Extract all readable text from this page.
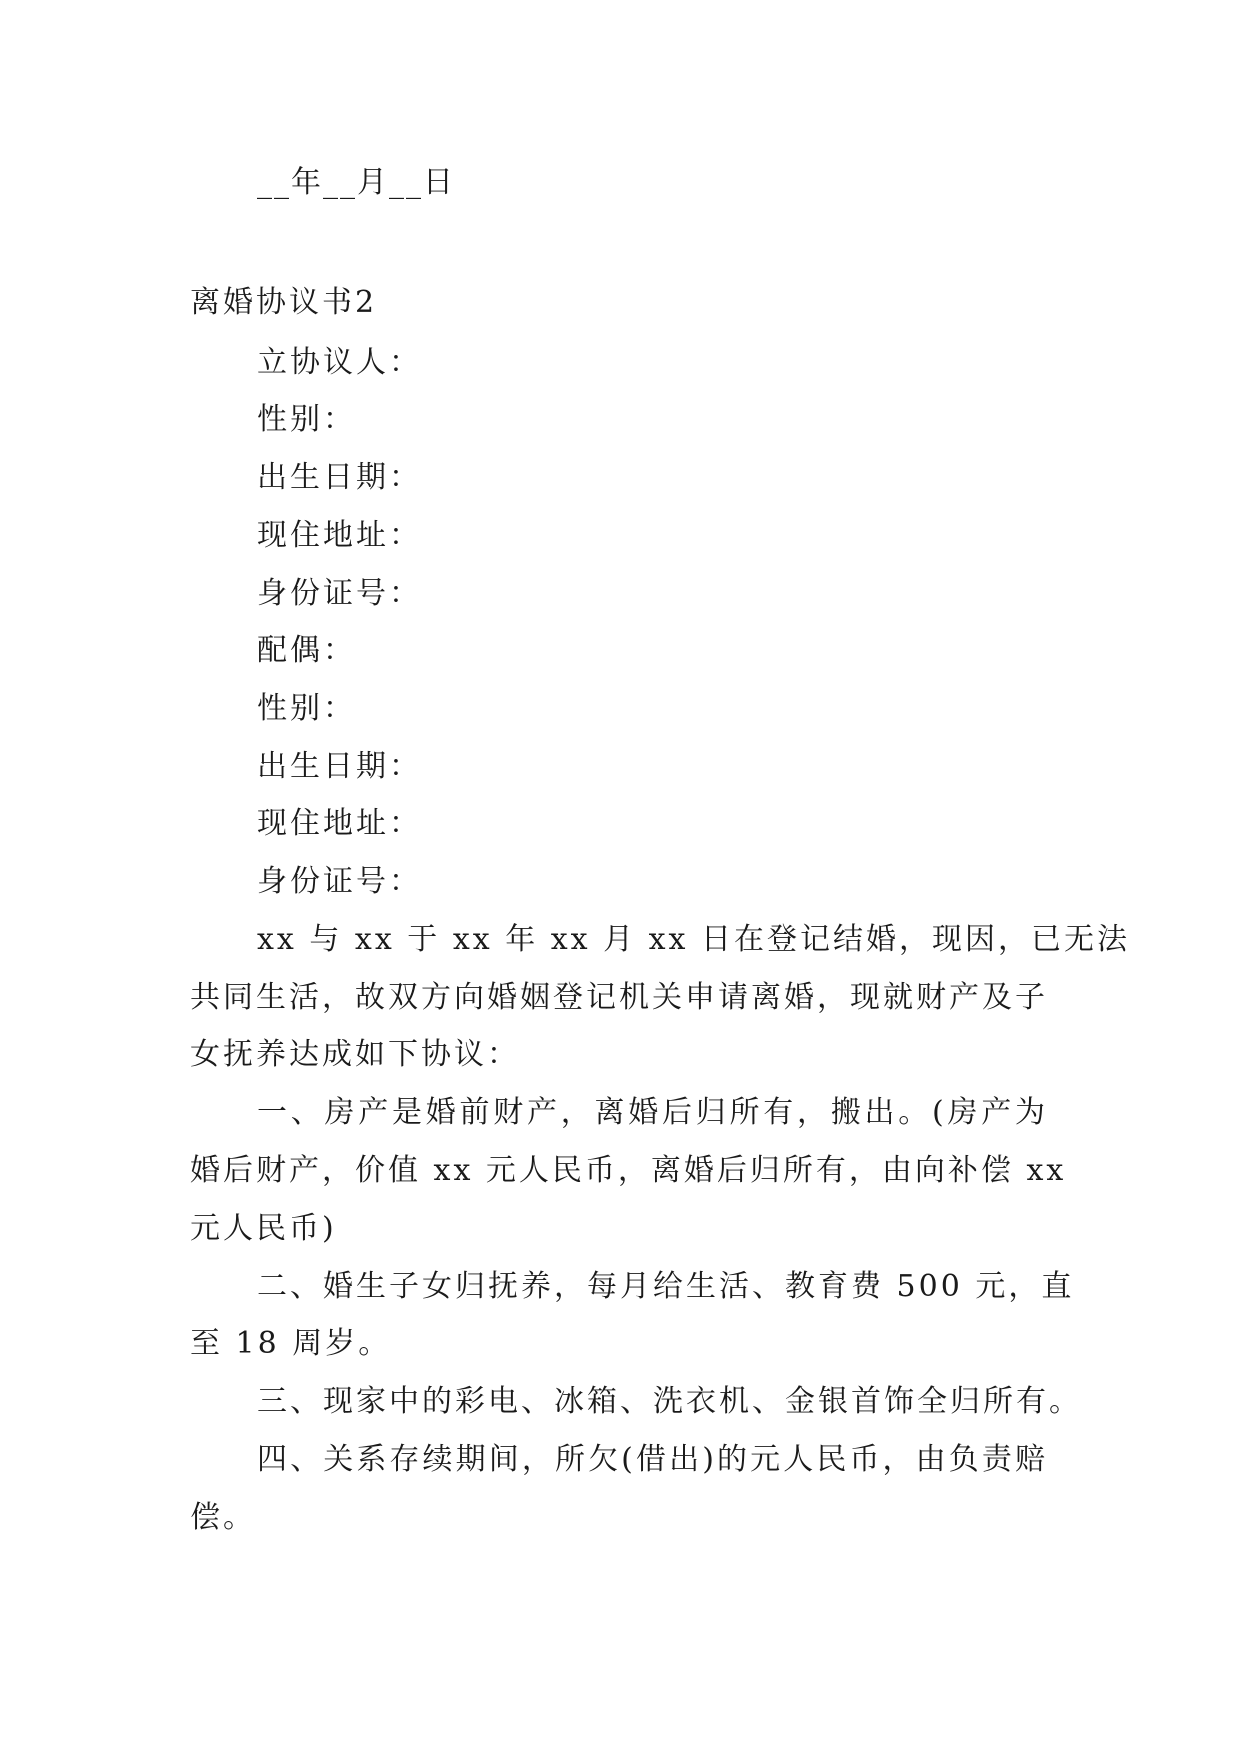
__年__月__日

离婚协议书2

立协议人：

性别：

出生日期：

现住地址：

身份证号：

配偶：

性别：

出生日期：

现住地址：

身份证号：

xx 与 xx 于 xx 年 xx 月 xx 日在登记结婚，现因，已无法

共同生活，故双方向婚姻登记机关申请离婚，现就财产及子

女抚养达成如下协议：

一、房产是婚前财产，离婚后归所有，搬出。(房产为

婚后财产，价值 xx 元人民币，离婚后归所有，由向补偿 xx

元人民币)

二、婚生子女归抚养，每月给生活、教育费 500 元，直

至 18 周岁。

三、现家中的彩电、冰箱、洗衣机、金银首饰全归所有。

四、关系存续期间，所欠(借出)的元人民币，由负责赔

偿。
